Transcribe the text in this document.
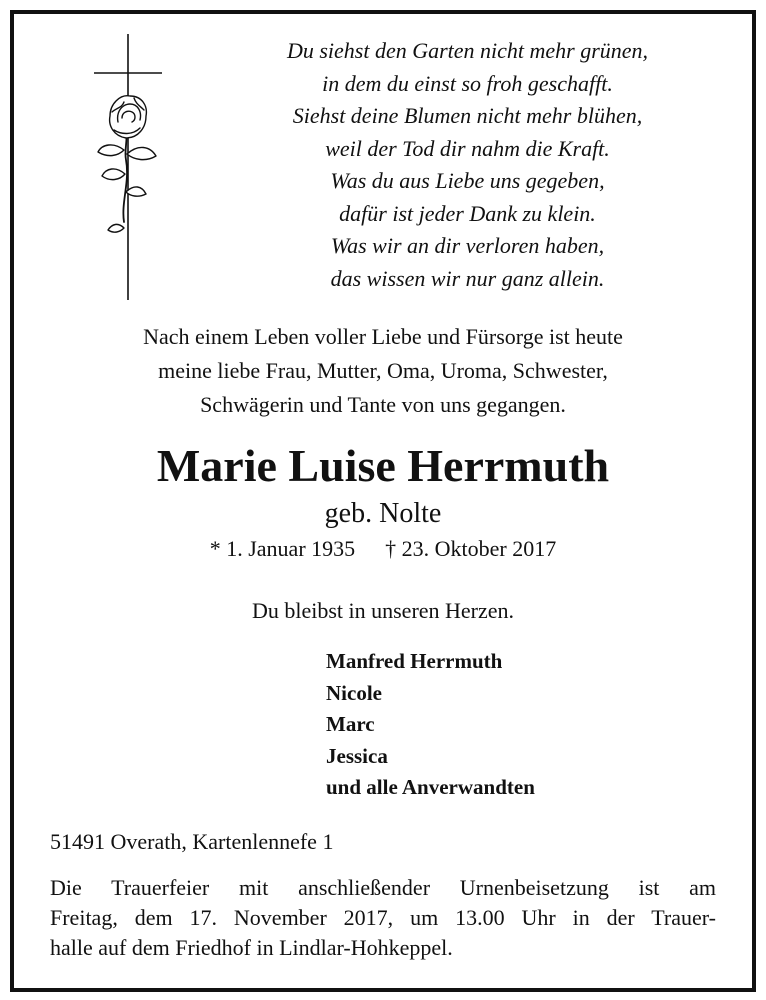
Du siehst den Garten nicht mehr grünen,
in dem du einst so froh geschafft.
Siehst deine Blumen nicht mehr blühen,
weil der Tod dir nahm die Kraft.
Was du aus Liebe uns gegeben,
dafür ist jeder Dank zu klein.
Was wir an dir verloren haben,
das wissen wir nur ganz allein.
Nach einem Leben voller Liebe und Fürsorge ist heute
meine liebe Frau, Mutter, Oma, Uroma, Schwester,
Schwägerin und Tante von uns gegangen.
Marie Luise Herrmuth
geb. Nolte
* 1. Januar 1935 † 23. Oktober 2017
Du bleibst in unseren Herzen.
Manfred Herrmuth
Nicole
Marc
Jessica
und alle Anverwandten
51491 Overath, Kartenlennefe 1
Die Trauerfeier mit anschließender Urnenbeisetzung ist am
Freitag, dem 17. November 2017, um 13.00 Uhr in der Trauer-
halle auf dem Friedhof in Lindlar-Hohkeppel.
